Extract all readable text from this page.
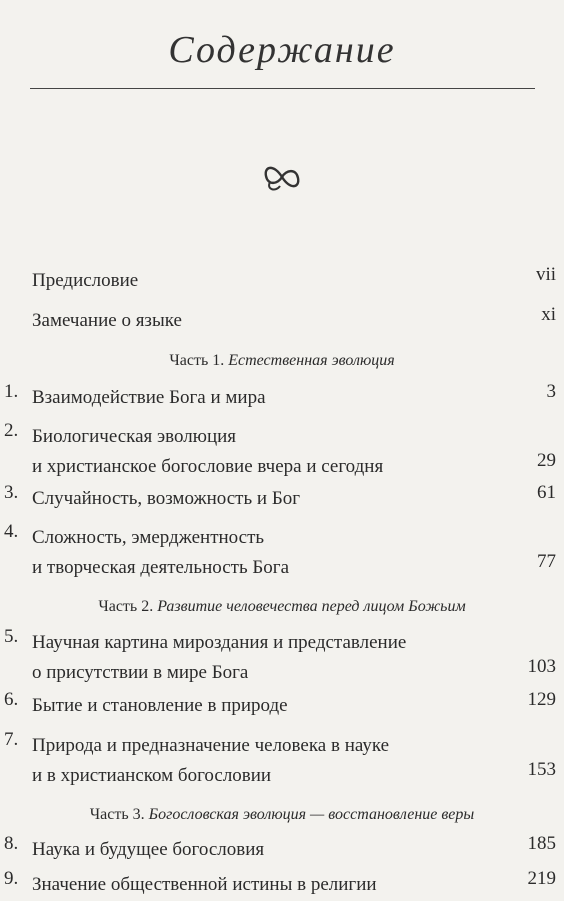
Содержание
Предисловие	vii
Замечание о языке	xi
Часть 1. Естественная эволюция
1. Взаимодействие Бога и мира	3
2. Биологическая эволюция
и христианское богословие вчера и сегодня	29
3. Случайность, возможность и Бог	61
4. Сложность, эмерджентность
и творческая деятельность Бога	77
Часть 2. Развитие человечества перед лицом Божьим
5. Научная картина мироздания и представление
о присутствии в мире Бога	103
6. Бытие и становление в природе	129
7. Природа и предназначение человека в науке
и в христианском богословии	153
Часть 3. Богословская эволюция — восстановление веры
8. Наука и будущее богословия	185
9. Значение общественной истины в религии	219
